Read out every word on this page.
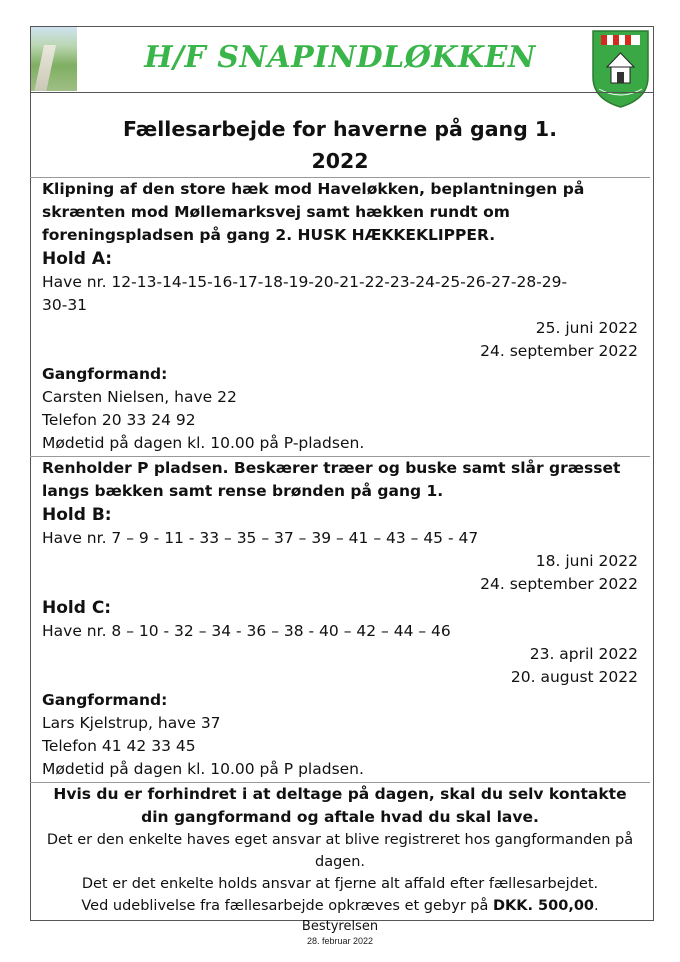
H/F SNAPINDLØKKEN
Fællesarbejde for haverne på gang 1.
2022
Klipning af den store hæk mod Haveløkken, beplantningen på skrænten mod Møllemarksvej samt hækken rundt om foreningspladsen på gang 2. HUSK HÆKKEKLIPPER.
Hold A:
Have nr. 12-13-14-15-16-17-18-19-20-21-22-23-24-25-26-27-28-29-
30-31
25. juni 2022
24. september 2022
Gangformand:
Carsten Nielsen, have 22
Telefon 20 33 24 92
Mødetid på dagen kl. 10.00 på P-pladsen.
Renholder P pladsen. Beskærer træer og buske samt slår græsset langs bækken samt rense brønden på gang 1.
Hold B:
Have nr. 7 – 9 - 11 - 33 – 35 – 37 – 39 – 41 – 43 – 45 - 47
18. juni 2022
24. september 2022
Hold C:
Have nr. 8 – 10 - 32 – 34 - 36 – 38 - 40 – 42 – 44 – 46
23. april 2022
20. august 2022
Gangformand:
Lars Kjelstrup, have 37
Telefon 41 42 33 45
Mødetid på dagen kl. 10.00 på P pladsen.
Hvis du er forhindret i at deltage på dagen, skal du selv kontakte din gangformand og aftale hvad du skal lave.
Det er den enkelte haves eget ansvar at blive registreret hos gangformanden på dagen.
Det er det enkelte holds ansvar at fjerne alt affald efter fællesarbejdet.
Ved udeblivelse fra fællesarbejde opkræves et gebyr på DKK. 500,00.
Bestyrelsen
28. februar 2022
